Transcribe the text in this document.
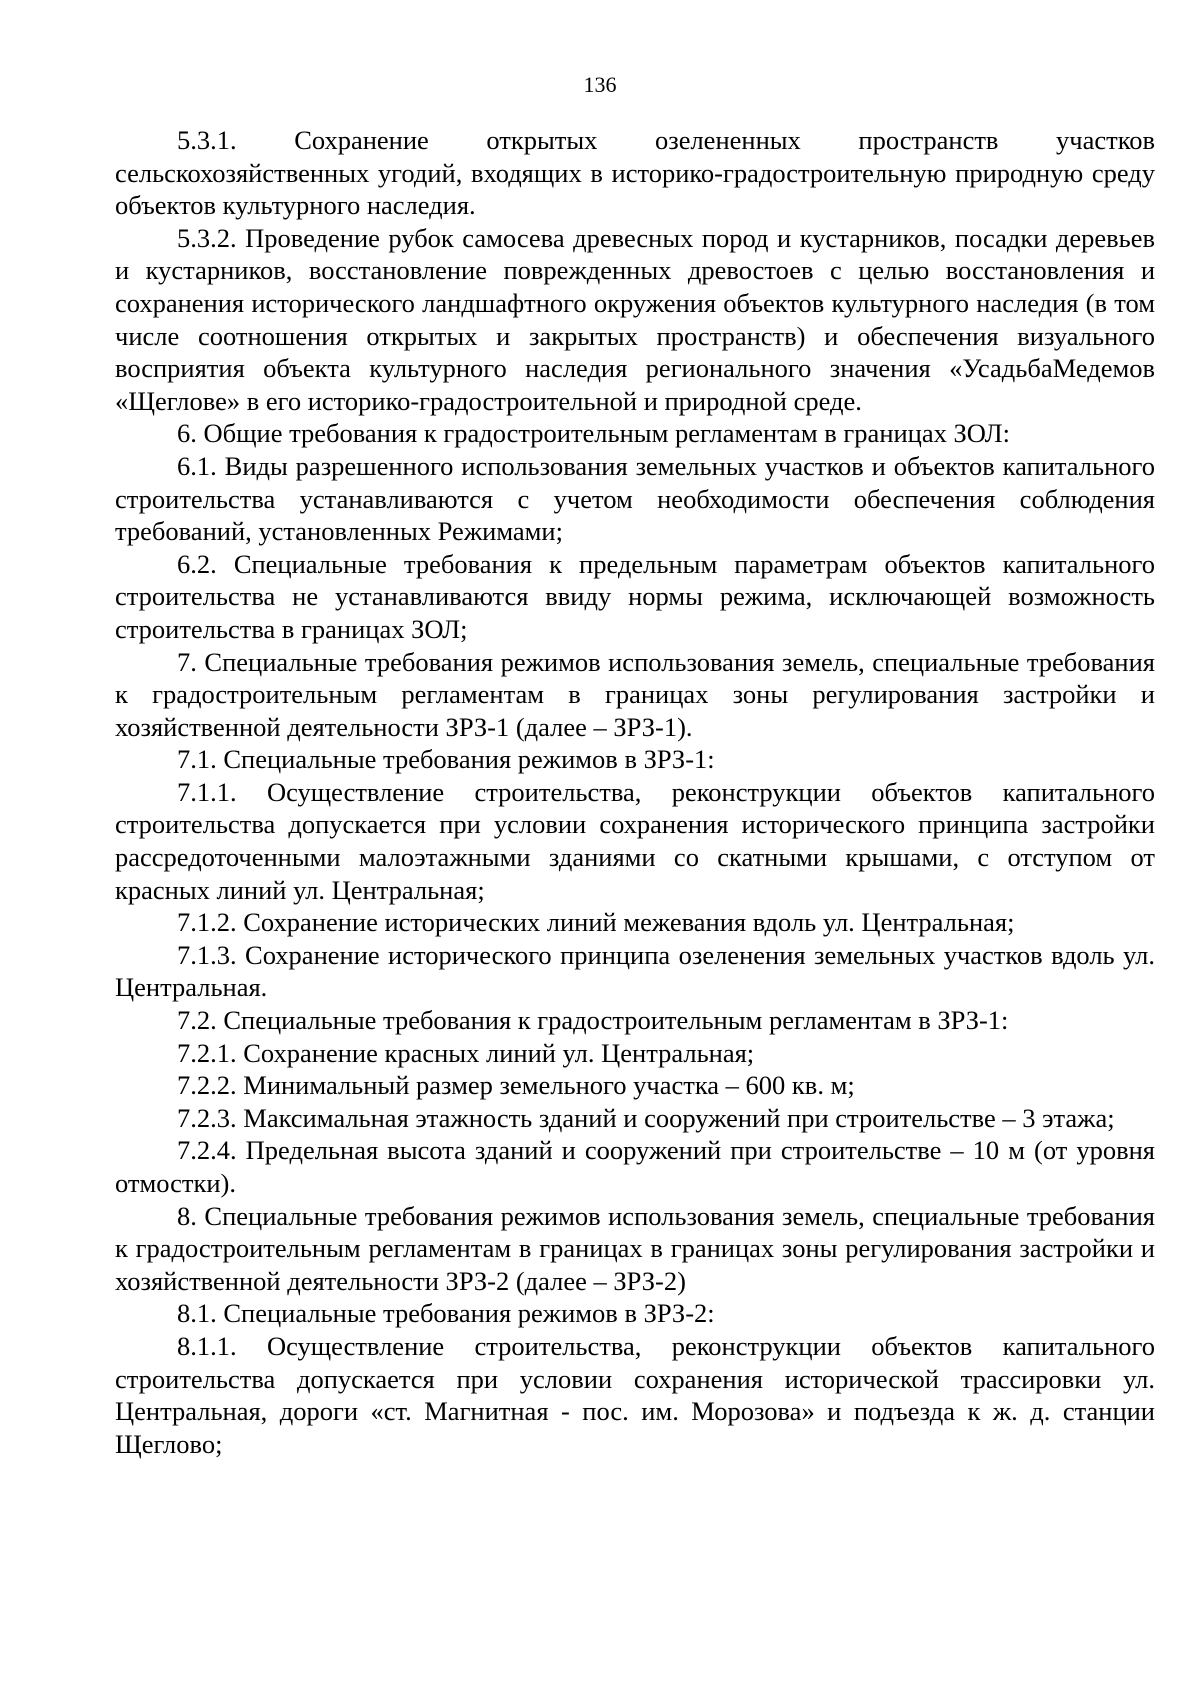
136

5.3.1. Сохранение открытых озелененных пространств участков сельскохозяйственных угодий, входящих в историко-градостроительную природную среду объектов культурного наследия.

5.3.2. Проведение рубок самосева древесных пород и кустарников, посадки деревьев и кустарников, восстановление поврежденных древостоев с целью восстановления и сохранения исторического ландшафтного окружения объектов культурного наследия (в том числе соотношения открытых и закрытых пространств) и обеспечения визуального восприятия объекта культурного наследия регионального значения «УсадьбаМедемов «Щеглове» в его историко-градостроительной и природной среде.

6. Общие требования к градостроительным регламентам в границах ЗОЛ:

6.1. Виды разрешенного использования земельных участков и объектов капитального строительства устанавливаются с учетом необходимости обеспечения соблюдения требований, установленных Режимами;

6.2. Специальные требования к предельным параметрам объектов капитального строительства не устанавливаются ввиду нормы режима, исключающей возможность строительства в границах ЗОЛ;

7. Специальные требования режимов использования земель, специальные требования к градостроительным регламентам в границах зоны регулирования застройки и хозяйственной деятельности ЗРЗ-1 (далее – ЗРЗ-1).

7.1. Специальные требования режимов в ЗРЗ-1:

7.1.1. Осуществление строительства, реконструкции объектов капитального строительства допускается при условии сохранения исторического принципа застройки рассредоточенными малоэтажными зданиями со скатными крышами, с отступом от красных линий ул. Центральная;

7.1.2. Сохранение исторических линий межевания вдоль ул. Центральная;

7.1.3. Сохранение исторического принципа озеленения земельных участков вдоль ул. Центральная.

7.2. Специальные требования к градостроительным регламентам в ЗРЗ-1:

7.2.1. Сохранение красных линий ул. Центральная;

7.2.2. Минимальный размер земельного участка – 600 кв. м;

7.2.3. Максимальная этажность зданий и сооружений при строительстве – 3 этажа;

7.2.4. Предельная высота зданий и сооружений при строительстве – 10 м (от уровня отмостки).

8. Специальные требования режимов использования земель, специальные требования к градостроительным регламентам в границах в границах зоны регулирования застройки и хозяйственной деятельности ЗРЗ-2 (далее – ЗРЗ-2)

8.1. Специальные требования режимов в ЗРЗ-2:

8.1.1. Осуществление строительства, реконструкции объектов капитального строительства допускается при условии сохранения исторической трассировки ул. Центральная, дороги «ст. Магнитная - пос. им. Морозова» и подъезда к ж. д. станции Щеглово;
